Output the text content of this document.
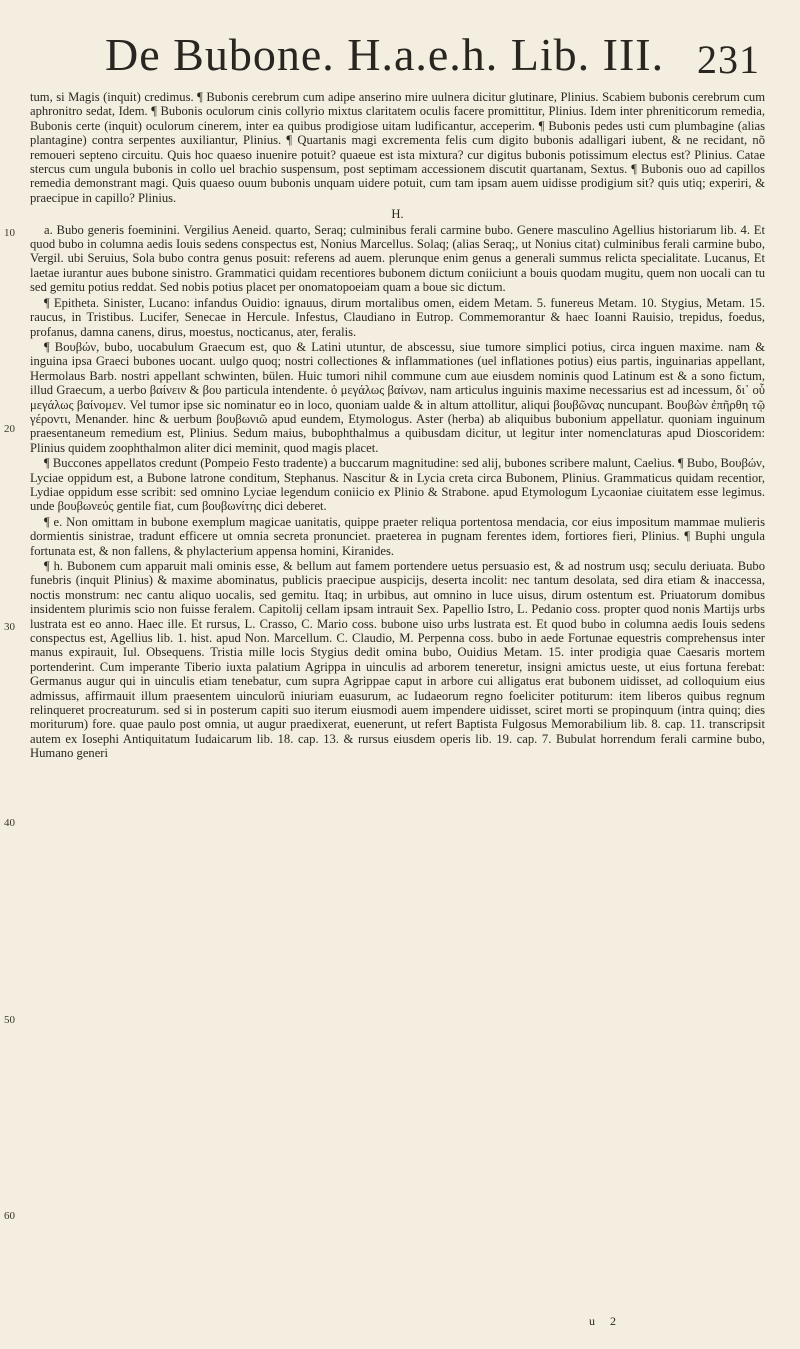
De Bubone. H.a.e.h. Lib. III. 231
10
20
30
40
50
60

tum, si Magis (inquit) credimus. ¶ Bubonis cerebrum cum adipe anserino mire uulnera dicitur glutinare, Plinius. Scabiem bubonis cerebrum cum aphronitro sedat, Idem. ¶ Bubonis oculorum cinis collyrio mixtus claritatem oculis facere promittitur, Plinius. Idem inter phreniticorum remedia, Bubonis certe (inquit) oculorum cinerem, inter ea quibus prodigiose uitam ludificantur, acceperim. ¶ Bubonis pedes usti cum plumbagine (alias plantagine) contra serpentes auxiliantur, Plinius. ¶ Quartanis magi excrementa felis cum digito bubonis adalligari iubent, & ne recidant, nõ remoueri septeno circuitu. Quis hoc quaeso inuenire potuit? quaeue est ista mixtura? cur digitus bubonis potissimum electus est? Plinius. Catae stercus cum ungula bubonis in collo uel brachio suspensum, post septimam accessionem discutit quartanam, Sextus. ¶ Bubonis ouo ad capillos remedia demonstrant magi. Quis quaeso ouum bubonis unquam uidere potuit, cum tam ipsam auem uidisse prodigium sit? quis utiq; experiri, & praecipue in capillo? Plinius.

H.

a. Bubo generis foeminini. Vergilius Aeneid. quarto, Seraq; culminibus ferali carmine bubo. Genere masculino Agellius historiarum lib. 4. Et quod bubo in columna aedis Iouis sedens conspectus est, Nonius Marcellus. Solaq; (alias Seraq;, ut Nonius citat) culminibus ferali carmine bubo, Vergil. ubi Seruius, Sola bubo contra genus posuit: referens ad auem. plerunque enim genus a generali summus relicta specialitate. Lucanus, Et laetae iurantur aues bubone sinistro. Grammatici quidam recentiores bubonem dictum coniiciunt a bouis quodam mugitu, quem non uocali can tu sed gemitu potius reddat. Sed nobis potius placet per onomatopoeiam quam a boue sic dictum.

¶ Epitheta. Sinister, Lucano: infandus Ouidio: ignauus, dirum mortalibus omen, eidem Metam. 5. funereus Metam. 10. Stygius, Metam. 15. raucus, in Tristibus. Lucifer, Senecae in Hercule. Infestus, Claudiano in Eutrop. Commemorantur & haec Ioanni Rauisio, trepidus, foedus, profanus, damna canens, dirus, moestus, nocticanus, ater, feralis.

¶ Βουβών, bubo, uocabulum Graecum est, quo & Latini utuntur, de abscessu, siue tumore simplici potius, circa inguen maxime. nam & inguina ipsa Graeci bubones uocant. uulgo quoq; nostri collectiones & inflammationes (uel inflationes potius) eius partis, inguinarias appellant, Hermolaus Barb. nostri appellant schwinten, bülen. Huic tumori nihil commune cum aue eiusdem nominis quod Latinum est & a sono fictum, illud Graecum, a uerbo βαίνειν & βου particula intendente. ὁ μεγάλως βαίνων, nam articulus inguinis maxime necessarius est ad incessum, δι᾽ οὗ μεγάλως βαίνομεν. Vel tumor ipse sic nominatur eo in loco, quoniam ualde & in altum attollitur, aliqui βουβῶνας nuncupant. Βουβὼν ἐπῆρθη τῷ γέροντι, Menander. hinc & uerbum βουβωνιῶ apud eundem, Etymologus. Aster (herba) ab aliquibus bubonium appellatur. quoniam inguinum praesentaneum remedium est, Plinius. Sedum maius, bubophthalmus a quibusdam dicitur, ut legitur inter nomenclaturas apud Dioscoridem: Plinius quidem zoophthalmon aliter dici meminit, quod magis placet.

¶ Buccones appellatos credunt (Pompeio Festo tradente) a buccarum magnitudine: sed alij, bubones scribere malunt, Caelius. ¶ Bubo, Βουβών, Lyciae oppidum est, a Bubone latrone conditum, Stephanus. Nascitur & in Lycia creta circa Bubonem, Plinius. Grammaticus quidam recentior, Lydiae oppidum esse scribit: sed omnino Lyciae legendum coniicio ex Plinio & Strabone. apud Etymologum Lycaoniae ciuitatem esse legimus. unde βουβωνεύς gentile fiat, cum βουβωνίτης dici deberet.

¶ e. Non omittam in bubone exemplum magicae uanitatis, quippe praeter reliqua portentosa mendacia, cor eius impositum mammae mulieris dormientis sinistrae, tradunt efficere ut omnia secreta pronunciet. praeterea in pugnam ferentes idem, fortiores fieri, Plinius. ¶ Buphi ungula fortunata est, & non fallens, & phylacterium appensa homini, Kiranides.

¶ h. Bubonem cum apparuit mali ominis esse, & bellum aut famem portendere uetus persuasio est, & ad nostrum usq; seculu deriuata. Bubo funebris (inquit Plinius) & maxime abominatus, publicis praecipue auspicijs, deserta incolit: nec tantum desolata, sed dira etiam & inaccessa, noctis monstrum: nec cantu aliquo uocalis, sed gemitu. Itaq; in urbibus, aut omnino in luce uisus, dirum ostentum est. Priuatorum domibus insidentem plurimis scio non fuisse feralem. Capitolij cellam ipsam intrauit Sex. Papellio Istro, L. Pedanio coss. propter quod nonis Martijs urbs lustrata est eo anno. Haec ille. Et rursus, L. Crasso, C. Mario coss. bubone uiso urbs lustrata est. Et quod bubo in columna aedis Iouis sedens conspectus est, Agellius lib. 1. hist. apud Non. Marcellum. C. Claudio, M. Perpenna coss. bubo in aede Fortunae equestris comprehensus inter manus expirauit, Iul. Obsequens. Tristia mille locis Stygius dedit omina bubo, Ouidius Metam. 15. inter prodigia quae Caesaris mortem portenderint. Cum imperante Tiberio iuxta palatium Agrippa in uinculis ad arborem teneretur, insigni amictus ueste, ut eius fortuna ferebat: Germanus augur qui in uinculis etiam tenebatur, cum supra Agrippae caput in arbore cui alligatus erat bubonem uidisset, ad colloquium eius admissus, affirmauit illum praesentem uinculorũ iniuriam euasurum, ac Iudaeorum regno foeliciter potiturum: item liberos quibus regnum relinqueret procreaturum. sed si in posterum capiti suo iterum eiusmodi auem impendere uidisset, sciret morti se propinquum (intra quinq; dies moriturum) fore. quae paulo post omnia, ut augur praedixerat, euenerunt, ut refert Baptista Fulgosus Memorabilium lib. 8. cap. 11. transcripsit autem ex Iosephi Antiquitatum Iudaicarum lib. 18. cap. 13. & rursus eiusdem operis lib. 19. cap. 7. Bubulat horrendum ferali carmine bubo, Humano generi

u 2
